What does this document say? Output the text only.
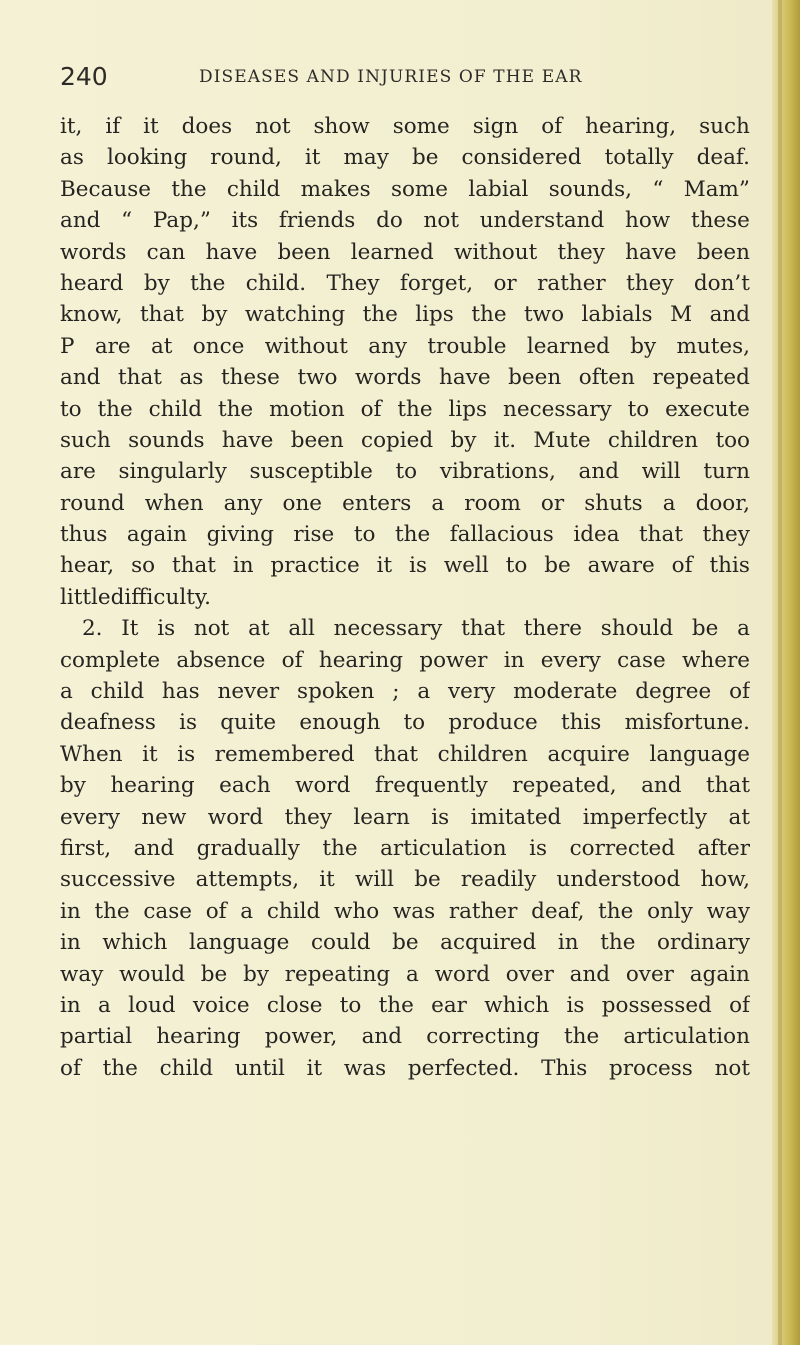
240	DISEASES AND INJURIES OF THE EAR
it, if it does not show some sign of hearing, such
as looking round, it may be considered totally deaf.
Because the child makes some labial sounds, “ Mam”
and “ Pap,” its friends do not understand how these
words can have been learned without they have been
heard by the child. They forget, or rather they don’t
know, that by watching the lips the two labials M and
P are at once without any trouble learned by mutes,
and that as these two words have been often repeated
to the child the motion of the lips necessary to execute
such sounds have been copied by it. Mute children too
are singularly susceptible to vibrations, and will turn
round when any one enters a room or shuts a door,
thus again giving rise to the fallacious idea that they
hear, so that in practice it is well to be aware of this
little difficulty.
2. It is not at all necessary that there should be a
complete absence of hearing power in every case where
a child has never spoken ; a very moderate degree of
deafness is quite enough to produce this misfortune.
When it is remembered that children acquire language
by hearing each word frequently repeated, and that
every new word they learn is imitated imperfectly at
first, and gradually the articulation is corrected after
successive attempts, it will be readily understood how,
in the case of a child who was rather deaf, the only way
in which language could be acquired in the ordinary
way would be by repeating a word over and over again
in a loud voice close to the ear which is possessed of
partial hearing power, and correcting the articulation
of the child until it was perfected. This process not
